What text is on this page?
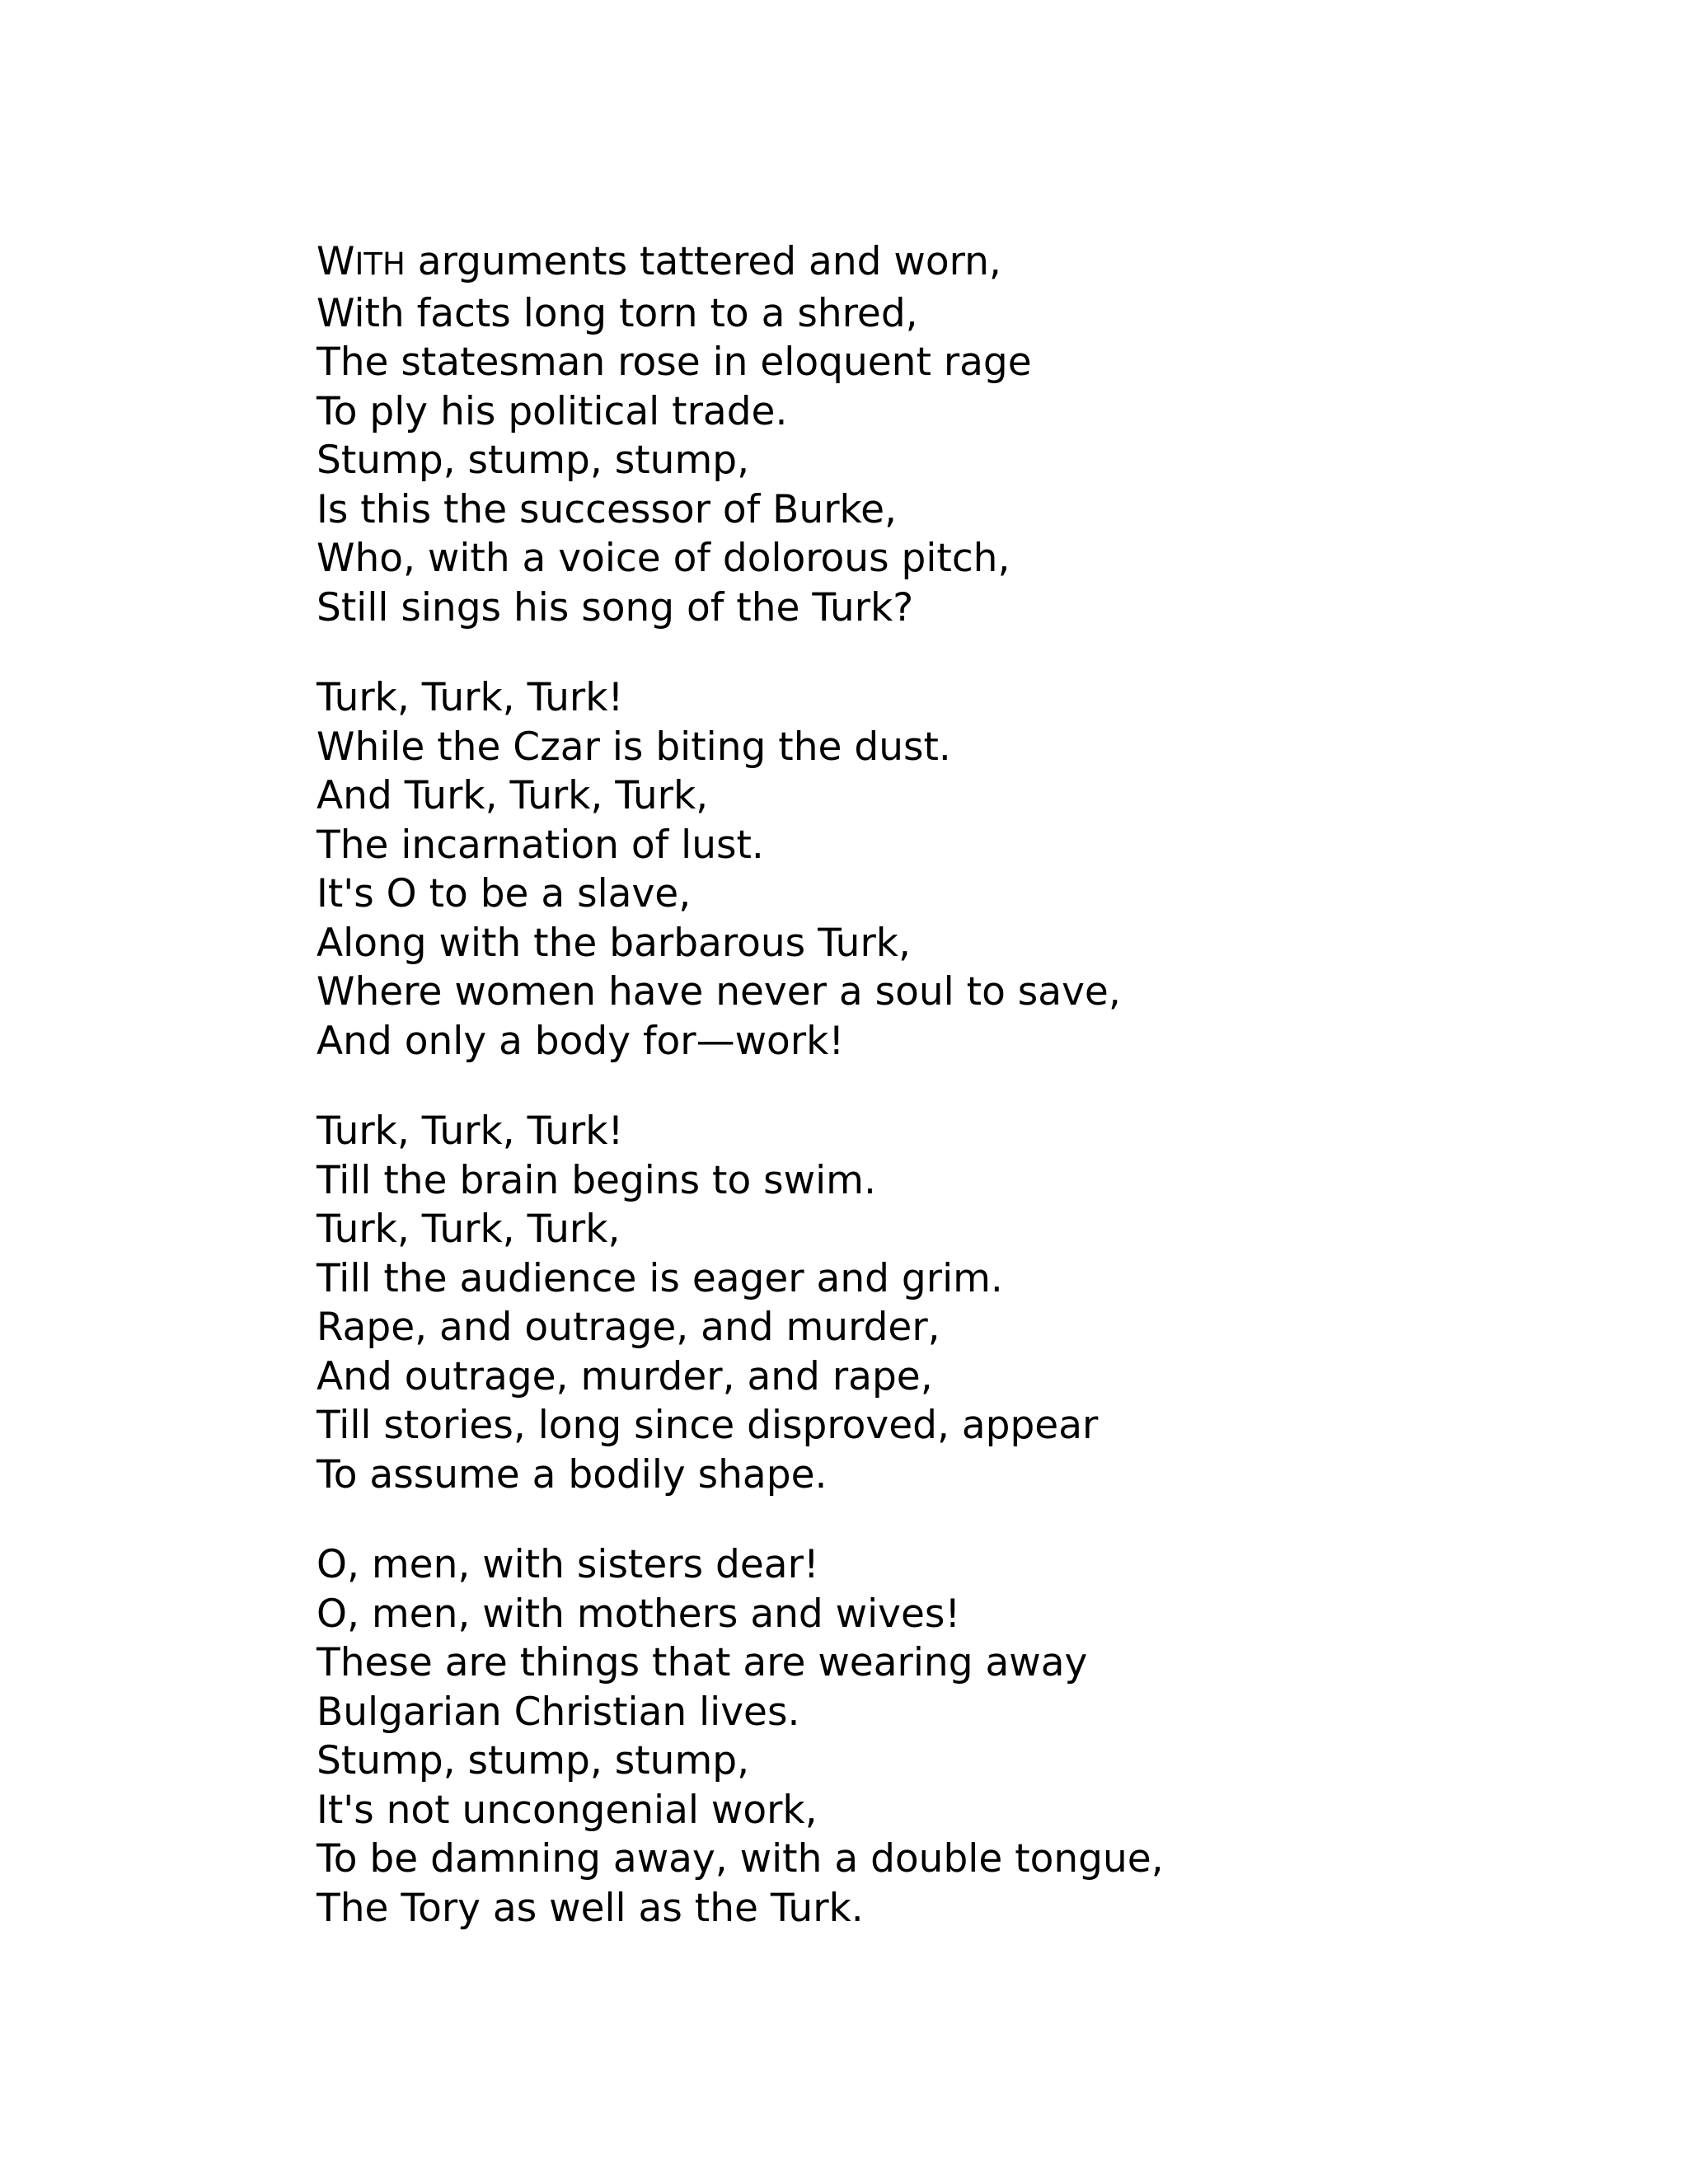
WITH arguments tattered and worn,
With facts long torn to a shred,
The statesman rose in eloquent rage
To ply his political trade.
Stump, stump, stump,
Is this the successor of Burke,
Who, with a voice of dolorous pitch,
Still sings his song of the Turk?
Turk, Turk, Turk!
While the Czar is biting the dust.
And Turk, Turk, Turk,
The incarnation of lust.
It's O to be a slave,
Along with the barbarous Turk,
Where women have never a soul to save,
And only a body for—work!
Turk, Turk, Turk!
Till the brain begins to swim.
Turk, Turk, Turk,
Till the audience is eager and grim.
Rape, and outrage, and murder,
And outrage, murder, and rape,
Till stories, long since disproved, appear
To assume a bodily shape.
O, men, with sisters dear!
O, men, with mothers and wives!
These are things that are wearing away
Bulgarian Christian lives.
Stump, stump, stump,
It's not uncongenial work,
To be damning away, with a double tongue,
The Tory as well as the Turk.
